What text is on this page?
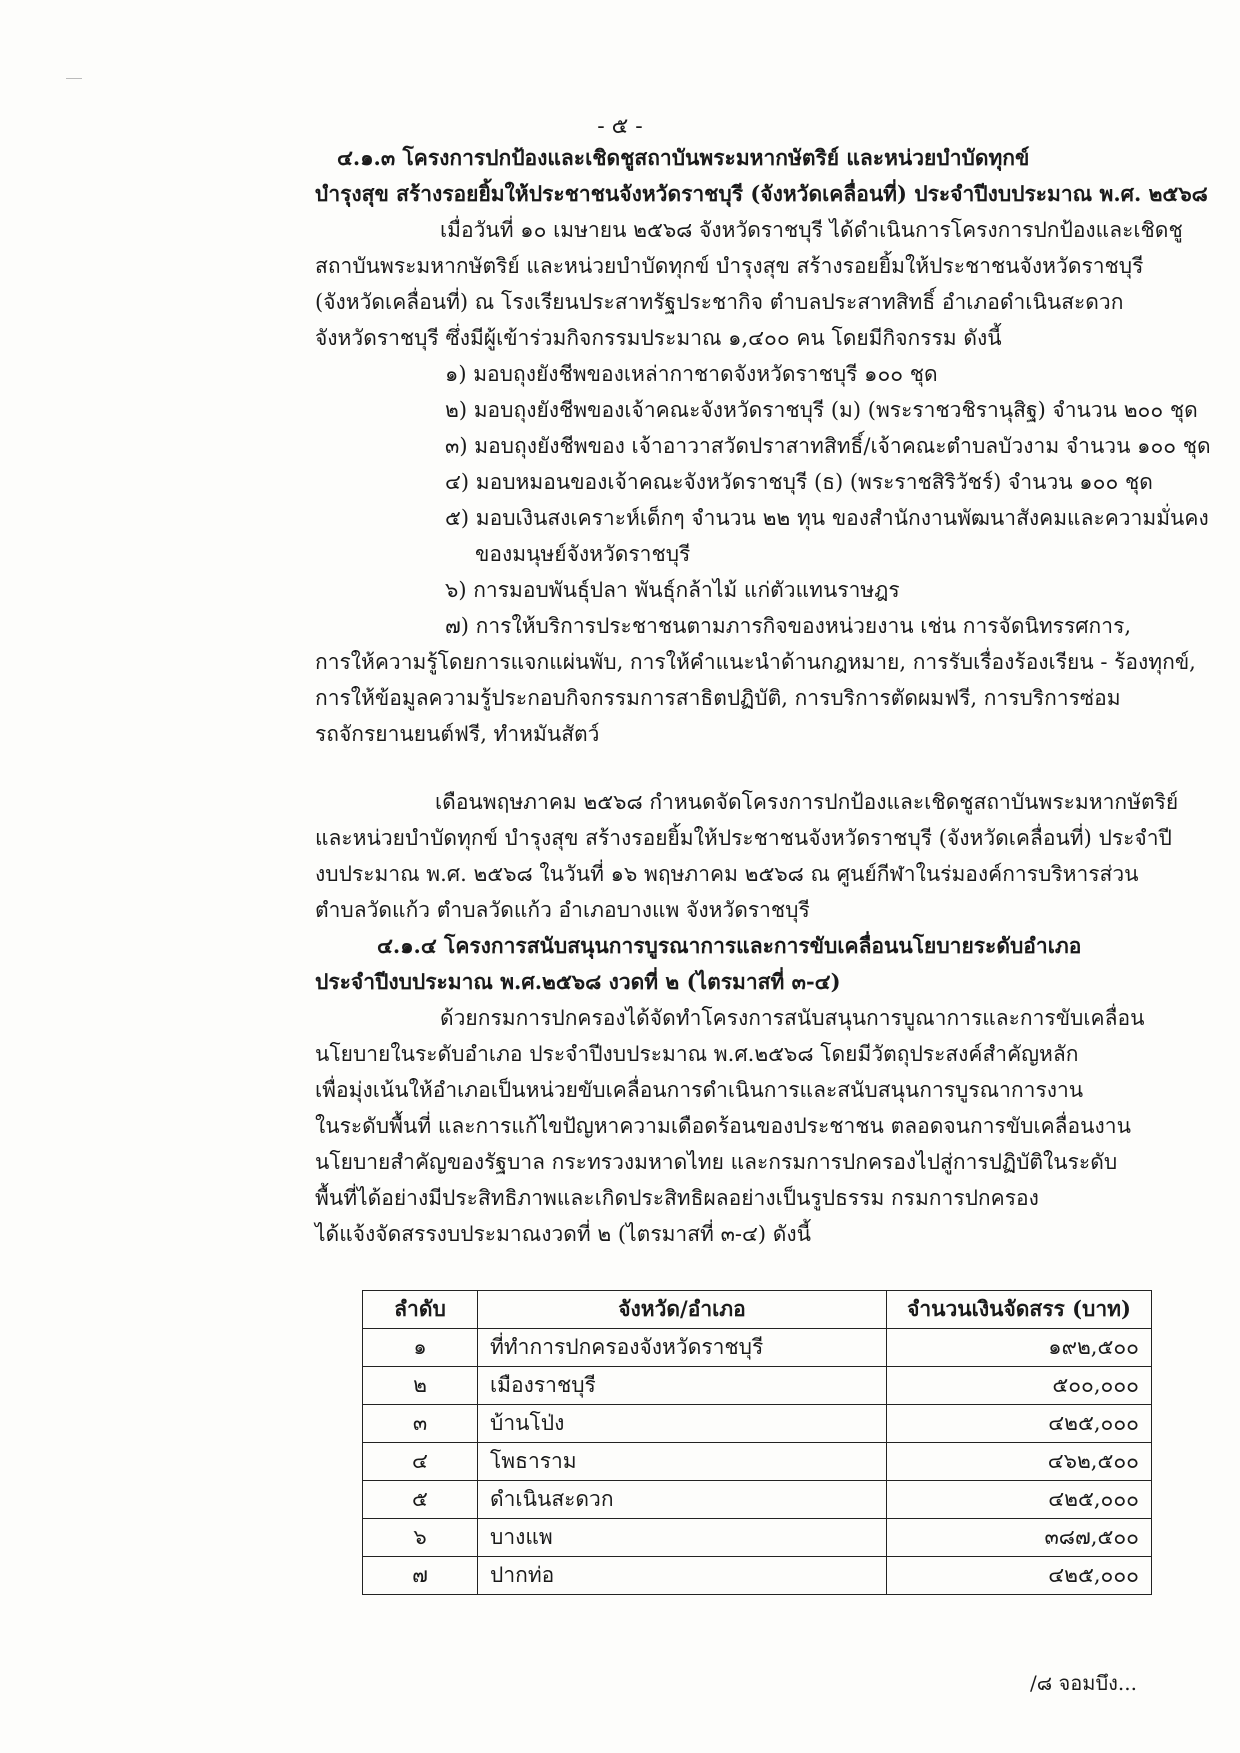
- ๕ -
๔.๑.๓ โครงการปกป้องและเชิดชูสถาบันพระมหากษัตริย์ และหน่วยบำบัดทุกข์
บำรุงสุข สร้างรอยยิ้มให้ประชาชนจังหวัดราชบุรี (จังหวัดเคลื่อนที่) ประจำปีงบประมาณ พ.ศ. ๒๕๖๘
เมื่อวันที่ ๑๐ เมษายน ๒๕๖๘ จังหวัดราชบุรี ได้ดำเนินการโครงการปกป้องและเชิดชู
สถาบันพระมหากษัตริย์ และหน่วยบำบัดทุกข์ บำรุงสุข สร้างรอยยิ้มให้ประชาชนจังหวัดราชบุรี
(จังหวัดเคลื่อนที่) ณ โรงเรียนประสาทรัฐประชากิจ ตำบลประสาทสิทธิ์ อำเภอดำเนินสะดวก
จังหวัดราชบุรี ซึ่งมีผู้เข้าร่วมกิจกรรมประมาณ ๑,๔๐๐ คน โดยมีกิจกรรม ดังนี้
๑) มอบถุงยังชีพของเหล่ากาชาดจังหวัดราชบุรี ๑๐๐ ชุด
๒) มอบถุงยังชีพของเจ้าคณะจังหวัดราชบุรี (ม) (พระราชวชิรานุสิฐ) จำนวน ๒๐๐ ชุด
๓) มอบถุงยังชีพของ เจ้าอาวาสวัดปราสาทสิทธิ์/เจ้าคณะตำบลบัวงาม จำนวน ๑๐๐ ชุด
๔) มอบหมอนของเจ้าคณะจังหวัดราชบุรี (ธ) (พระราชสิริวัชร์) จำนวน ๑๐๐ ชุด
๕) มอบเงินสงเคราะห์เด็กๆ จำนวน ๒๒ ทุน ของสำนักงานพัฒนาสังคมและความมั่นคง
ของมนุษย์จังหวัดราชบุรี
๖) การมอบพันธุ์ปลา พันธุ์กล้าไม้ แก่ตัวแทนราษฎร
๗) การให้บริการประชาชนตามภารกิจของหน่วยงาน เช่น การจัดนิทรรศการ,
การให้ความรู้โดยการแจกแผ่นพับ, การให้คำแนะนำด้านกฎหมาย, การรับเรื่องร้องเรียน - ร้องทุกข์,
การให้ข้อมูลความรู้ประกอบกิจกรรมการสาธิตปฏิบัติ, การบริการตัดผมฟรี, การบริการซ่อม
รถจักรยานยนต์ฟรี, ทำหมันสัตว์
เดือนพฤษภาคม ๒๕๖๘ กำหนดจัดโครงการปกป้องและเชิดชูสถาบันพระมหากษัตริย์
และหน่วยบำบัดทุกข์ บำรุงสุข สร้างรอยยิ้มให้ประชาชนจังหวัดราชบุรี (จังหวัดเคลื่อนที่) ประจำปี
งบประมาณ พ.ศ. ๒๕๖๘ ในวันที่ ๑๖ พฤษภาคม ๒๕๖๘ ณ ศูนย์กีฬาในร่มองค์การบริหารส่วน
ตำบลวัดแก้ว ตำบลวัดแก้ว อำเภอบางแพ จังหวัดราชบุรี
๔.๑.๔ โครงการสนับสนุนการบูรณาการและการขับเคลื่อนนโยบายระดับอำเภอ
ประจำปีงบประมาณ พ.ศ.๒๕๖๘ งวดที่ ๒ (ไตรมาสที่ ๓-๔)
ด้วยกรมการปกครองได้จัดทำโครงการสนับสนุนการบูณาการและการขับเคลื่อน
นโยบายในระดับอำเภอ ประจำปีงบประมาณ พ.ศ.๒๕๖๘ โดยมีวัตถุประสงค์สำคัญหลัก
เพื่อมุ่งเน้นให้อำเภอเป็นหน่วยขับเคลื่อนการดำเนินการและสนับสนุนการบูรณาการงาน
ในระดับพื้นที่ และการแก้ไขปัญหาความเดือดร้อนของประชาชน ตลอดจนการขับเคลื่อนงาน
นโยบายสำคัญของรัฐบาล กระทรวงมหาดไทย และกรมการปกครองไปสู่การปฏิบัติในระดับ
พื้นที่ได้อย่างมีประสิทธิภาพและเกิดประสิทธิผลอย่างเป็นรูปธรรม กรมการปกครอง
ได้แจ้งจัดสรรงบประมาณงวดที่ ๒ (ไตรมาสที่ ๓-๔) ดังนี้
ลำดับ	จังหวัด/อำเภอ	จำนวนเงินจัดสรร (บาท)
๑	ที่ทำการปกครองจังหวัดราชบุรี	๑๙๒,๕๐๐
๒	เมืองราชบุรี	๕๐๐,๐๐๐
๓	บ้านโป่ง	๔๒๕,๐๐๐
๔	โพธาราม	๔๖๒,๕๐๐
๕	ดำเนินสะดวก	๔๒๕,๐๐๐
๖	บางแพ	๓๘๗,๕๐๐
๗	ปากท่อ	๔๒๕,๐๐๐
/๘ จอมบึง...
